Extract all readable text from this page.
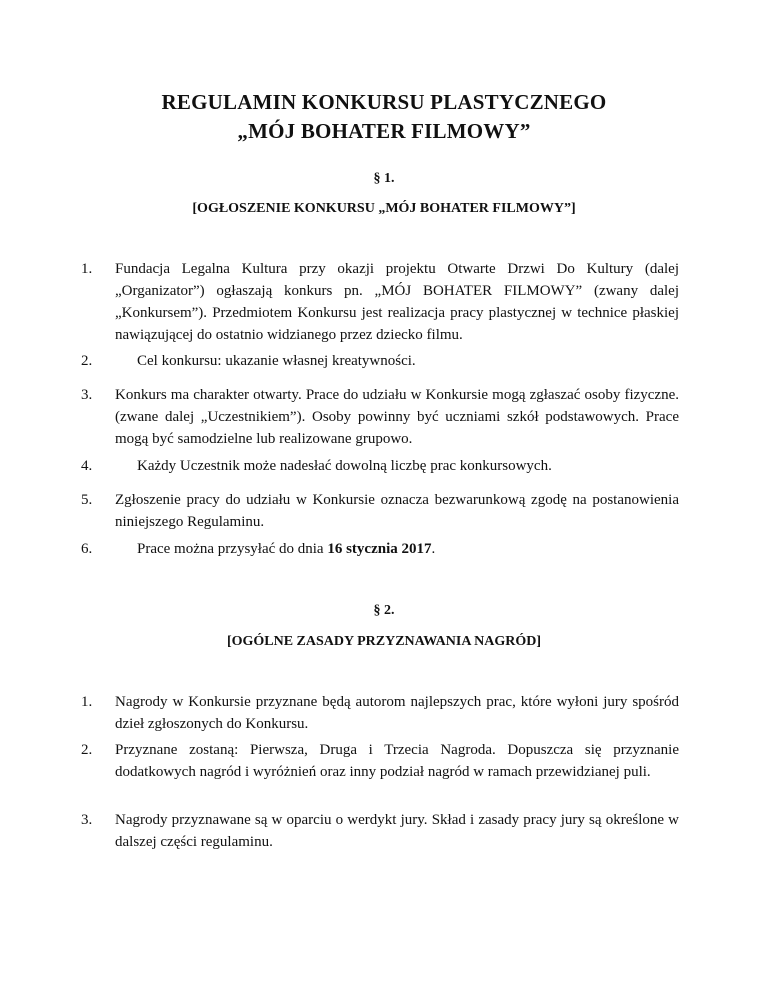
REGULAMIN KONKURSU PLASTYCZNEGO
„MÓJ BOHATER FILMOWY”
§ 1.
[OGŁOSZENIE KONKURSU „MÓJ BOHATER FILMOWY”]
1. Fundacja Legalna Kultura przy okazji projektu Otwarte Drzwi Do Kultury (dalej „Organizator”) ogłaszają konkurs pn. „MÓJ BOHATER FILMOWY” (zwany dalej „Konkursem”). Przedmiotem Konkursu jest realizacja pracy plastycznej w technice płaskiej nawiązującej do ostatnio widzianego przez dziecko filmu.
2.	Cel konkursu: ukazanie własnej kreatywności.
3. Konkurs ma charakter otwarty. Prace do udziału w Konkursie mogą zgłaszać osoby fizyczne. (zwane dalej „Uczestnikiem”). Osoby powinny być uczniami szkół podstawowych. Prace mogą być samodzielne lub realizowane grupowo.
4.	Każdy Uczestnik może nadesłać dowolną liczbę prac konkursowych.
5. Zgłoszenie pracy do udziału w Konkursie oznacza bezwarunkową zgodę na postanowienia niniejszego Regulaminu.
6.	Prace można przysyłać do dnia 16 stycznia 2017.
§ 2.
[OGÓLNE ZASADY PRZYZNAWANIA NAGRÓD]
1. Nagrody w Konkursie przyznane będą autorom najlepszych prac, które wyłoni jury spośród dzieł zgłoszonych do Konkursu.
2. Przyznane zostaną: Pierwsza, Druga i Trzecia Nagroda. Dopuszcza się przyznanie dodatkowych nagród i wyróżnień oraz inny podział nagród w ramach przewidzianej puli.
3. Nagrody przyznawane są w oparciu o werdykt jury. Skład i zasady pracy jury są określone w dalszej części regulaminu.
